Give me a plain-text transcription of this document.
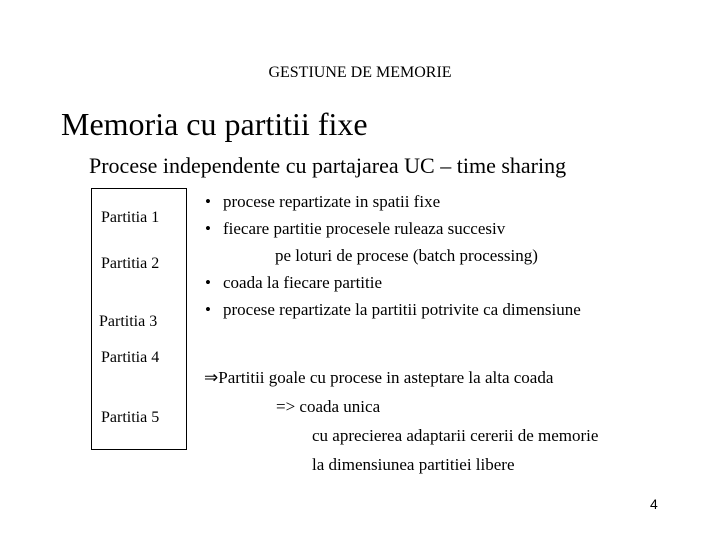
GESTIUNE DE MEMORIE
Memoria cu partitii fixe
Procese independente cu partajarea UC – time sharing
Partitia 1
Partitia 2
Partitia 3
Partitia 4
Partitia 5
• procese repartizate in spatii fixe
• fiecare partitie procesele ruleaza succesiv
pe loturi de procese (batch processing)
• coada la fiecare partitie
• procese repartizate la partitii potrivite ca dimensiune
⇒Partitii goale cu procese in asteptare la alta coada
=> coada unica
cu aprecierea adaptarii cererii de memorie
la dimensiunea partitiei libere
4
